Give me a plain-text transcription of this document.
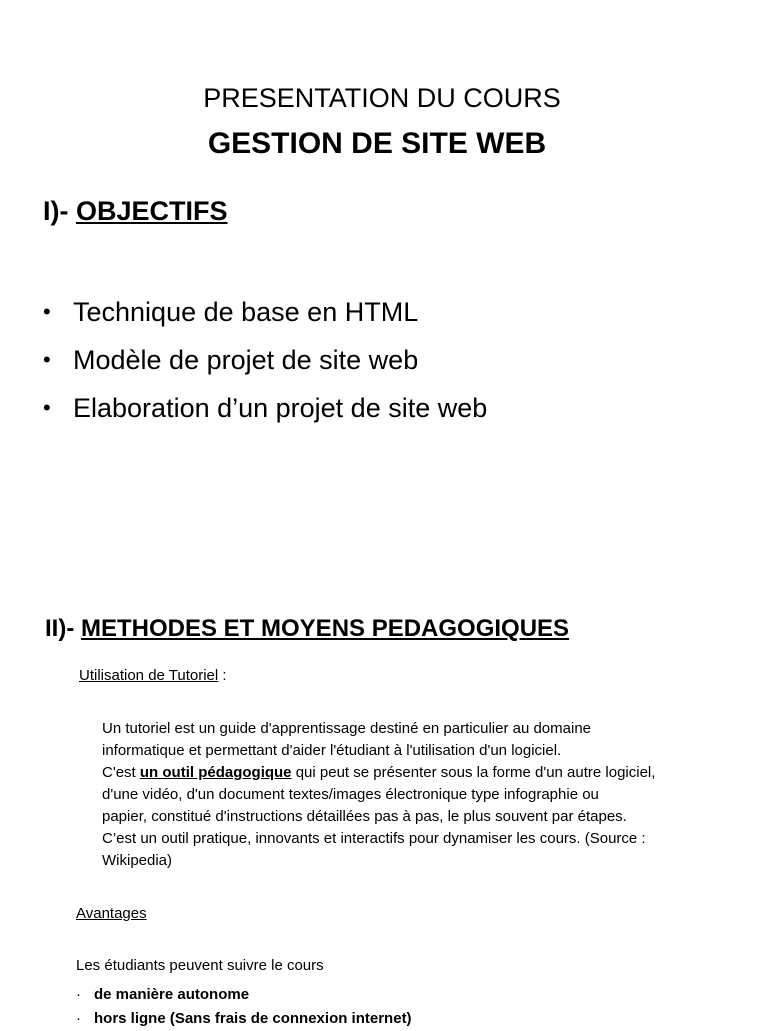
PRESENTATION DU COURS
GESTION DE SITE WEB
I)- OBJECTIFS
• Technique de base en HTML
• Modèle de projet de site web
• Elaboration d’un projet de site web
II)- METHODES ET MOYENS PEDAGOGIQUES
Utilisation de Tutoriel :
Un tutoriel est un guide d'apprentissage destiné en particulier au domaine
informatique et permettant d'aider l'étudiant à l'utilisation d'un logiciel.
C'est un outil pédagogique qui peut se présenter sous la forme d'un autre logiciel,
d'une vidéo, d'un document textes/images électronique type infographie ou
papier, constitué d'instructions détaillées pas à pas, le plus souvent par étapes.
C’est un outil pratique, innovants et interactifs pour dynamiser les cours. (Source :
Wikipedia)
Avantages
Les étudiants peuvent suivre le cours
· de manière autonome
· hors ligne (Sans frais de connexion internet)
